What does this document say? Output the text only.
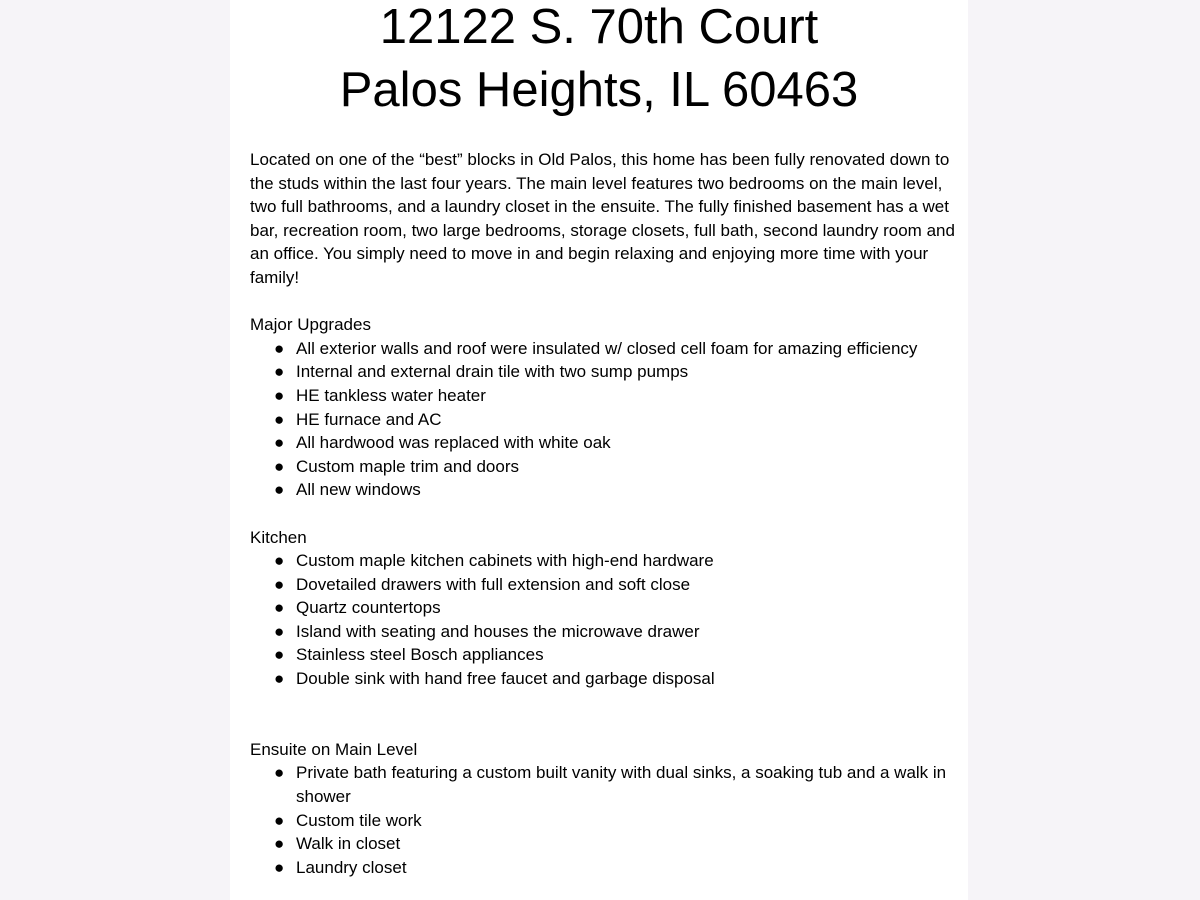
12122 S. 70th Court
Palos Heights, IL 60463

Located on one of the “best” blocks in Old Palos, this home has been fully renovated down to the studs within the last four years. The main level features two bedrooms on the main level, two full bathrooms, and a laundry closet in the ensuite. The fully finished basement has a wet bar, recreation room, two large bedrooms, storage closets, full bath, second laundry room and an office. You simply need to move in and begin relaxing and enjoying more time with your family!

Major Upgrades

● All exterior walls and roof were insulated w/ closed cell foam for amazing efficiency
● Internal and external drain tile with two sump pumps
● HE tankless water heater
● HE furnace and AC
● All hardwood was replaced with white oak
● Custom maple trim and doors
● All new windows

Kitchen

● Custom maple kitchen cabinets with high-end hardware
● Dovetailed drawers with full extension and soft close
● Quartz countertops
● Island with seating and houses the microwave drawer
● Stainless steel Bosch appliances
● Double sink with hand free faucet and garbage disposal

Ensuite on Main Level

● Private bath featuring a custom built vanity with dual sinks, a soaking tub and a walk in shower
● Custom tile work
● Walk in closet
● Laundry closet
